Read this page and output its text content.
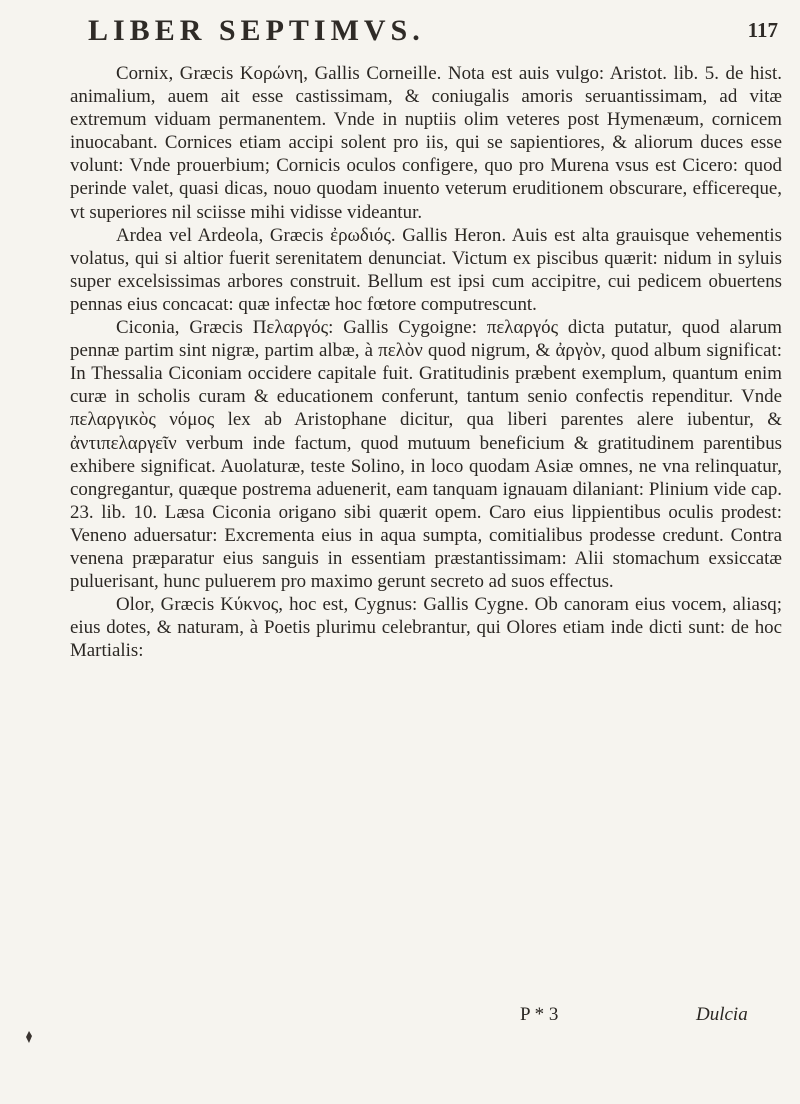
LIBER SEPTIMVS.	117

Cornix, Græcis Κορώνη, Gallis Corneille. Nota est auis vulgo: Aristot. lib. 5. de hist. animalium, auem ait esse castissimam, & coniugalis amoris seruantissimam, ad vitæ extremum viduam permanentem. Vnde in nuptiis olim veteres post Hymenæum, cornicem inuocabant. Cornices etiam accipi solent pro iis, qui se sapientiores, & aliorum duces esse volunt: Vnde prouerbium; Cornicis oculos configere, quo pro Murena vsus est Cicero: quod perinde valet, quasi dicas, nouo quodam inuento veterum eruditionem obscurare, efficereque, vt superiores nil sciisse mihi vidisse videantur.

Ardea vel Ardeola, Græcis ἐρωδιός. Gallis Heron. Auis est alta grauisque vehementis volatus, qui si altior fuerit serenitatem denunciat. Victum ex piscibus quærit: nidum in syluis super excelsissimas arbores construit. Bellum est ipsi cum accipitre, cui pedicem obuertens pennas eius concacat: quæ infectæ hoc fœtore computrescunt.

Ciconia, Græcis Πελαργός: Gallis Cygoigne: πελαργός dicta putatur, quod alarum pennæ partim sint nigræ, partim albæ, à πελὸν quod nigrum, & ἀργὸν, quod album significat: In Thessalia Ciconiam occidere capitale fuit. Gratitudinis præbent exemplum, quantum enim curæ in scholis curam & educationem conferunt, tantum senio confectis rependitur. Vnde πελαργικὸς νόμος lex ab Aristophane dicitur, qua liberi parentes alere iubentur, & ἀντιπελαργεῖν verbum inde factum, quod mutuum beneficium & gratitudinem parentibus exhibere significat. Auolaturæ, teste Solino, in loco quodam Asiæ omnes, ne vna relinquatur, congregantur, quæque postrema aduenerit, eam tanquam ignauam dilaniant: Plinium vide cap. 23. lib. 10. Læsa Ciconia origano sibi quærit opem. Caro eius lippientibus oculis prodest: Veneno aduersatur: Excrementa eius in aqua sumpta, comitialibus prodesse credunt. Contra venena præparatur eius sanguis in essentiam præstantissimam: Alii stomachum exsiccatæ puluerisant, hunc puluerem pro maximo gerunt secreto ad suos effectus.

Olor, Græcis Κύκνος, hoc est, Cygnus: Gallis Cygne. Ob canoram eius vocem, aliasq; eius dotes, & naturam, à Poetis plurimu celebrantur, qui Olores etiam inde dicti sunt: de hoc Martialis:

P * 3	Dulcia
